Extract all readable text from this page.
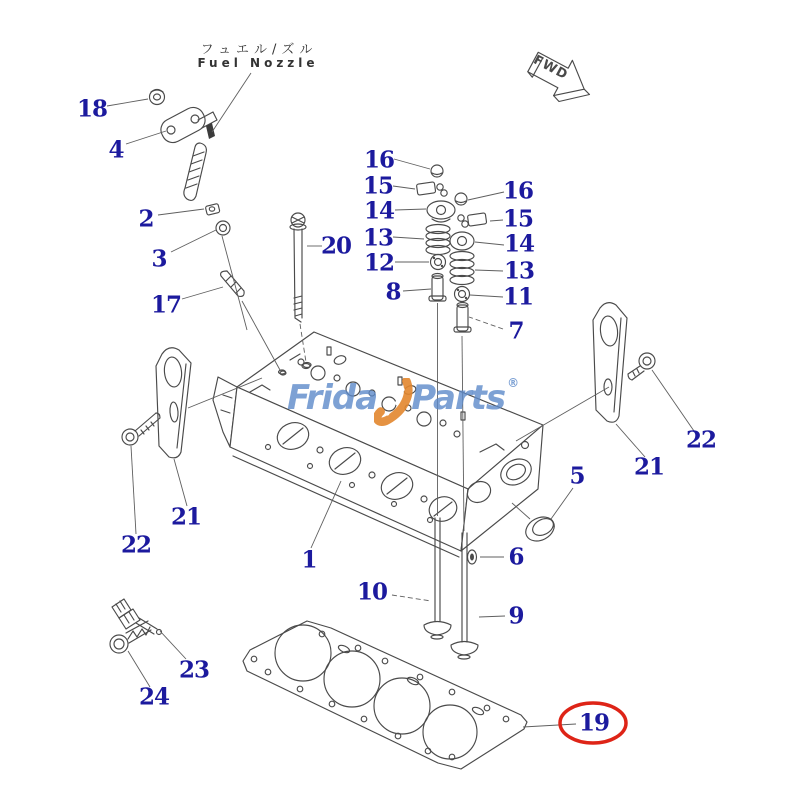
FWD
フュエル/ズル
Fuel Nozzle
Frida Parts ®
18
4
2
3
17
20
16
15
14
13
12
8
16
15
14
13
11
7
21
22
5
6
1
10
9
21
22
23
24
19
